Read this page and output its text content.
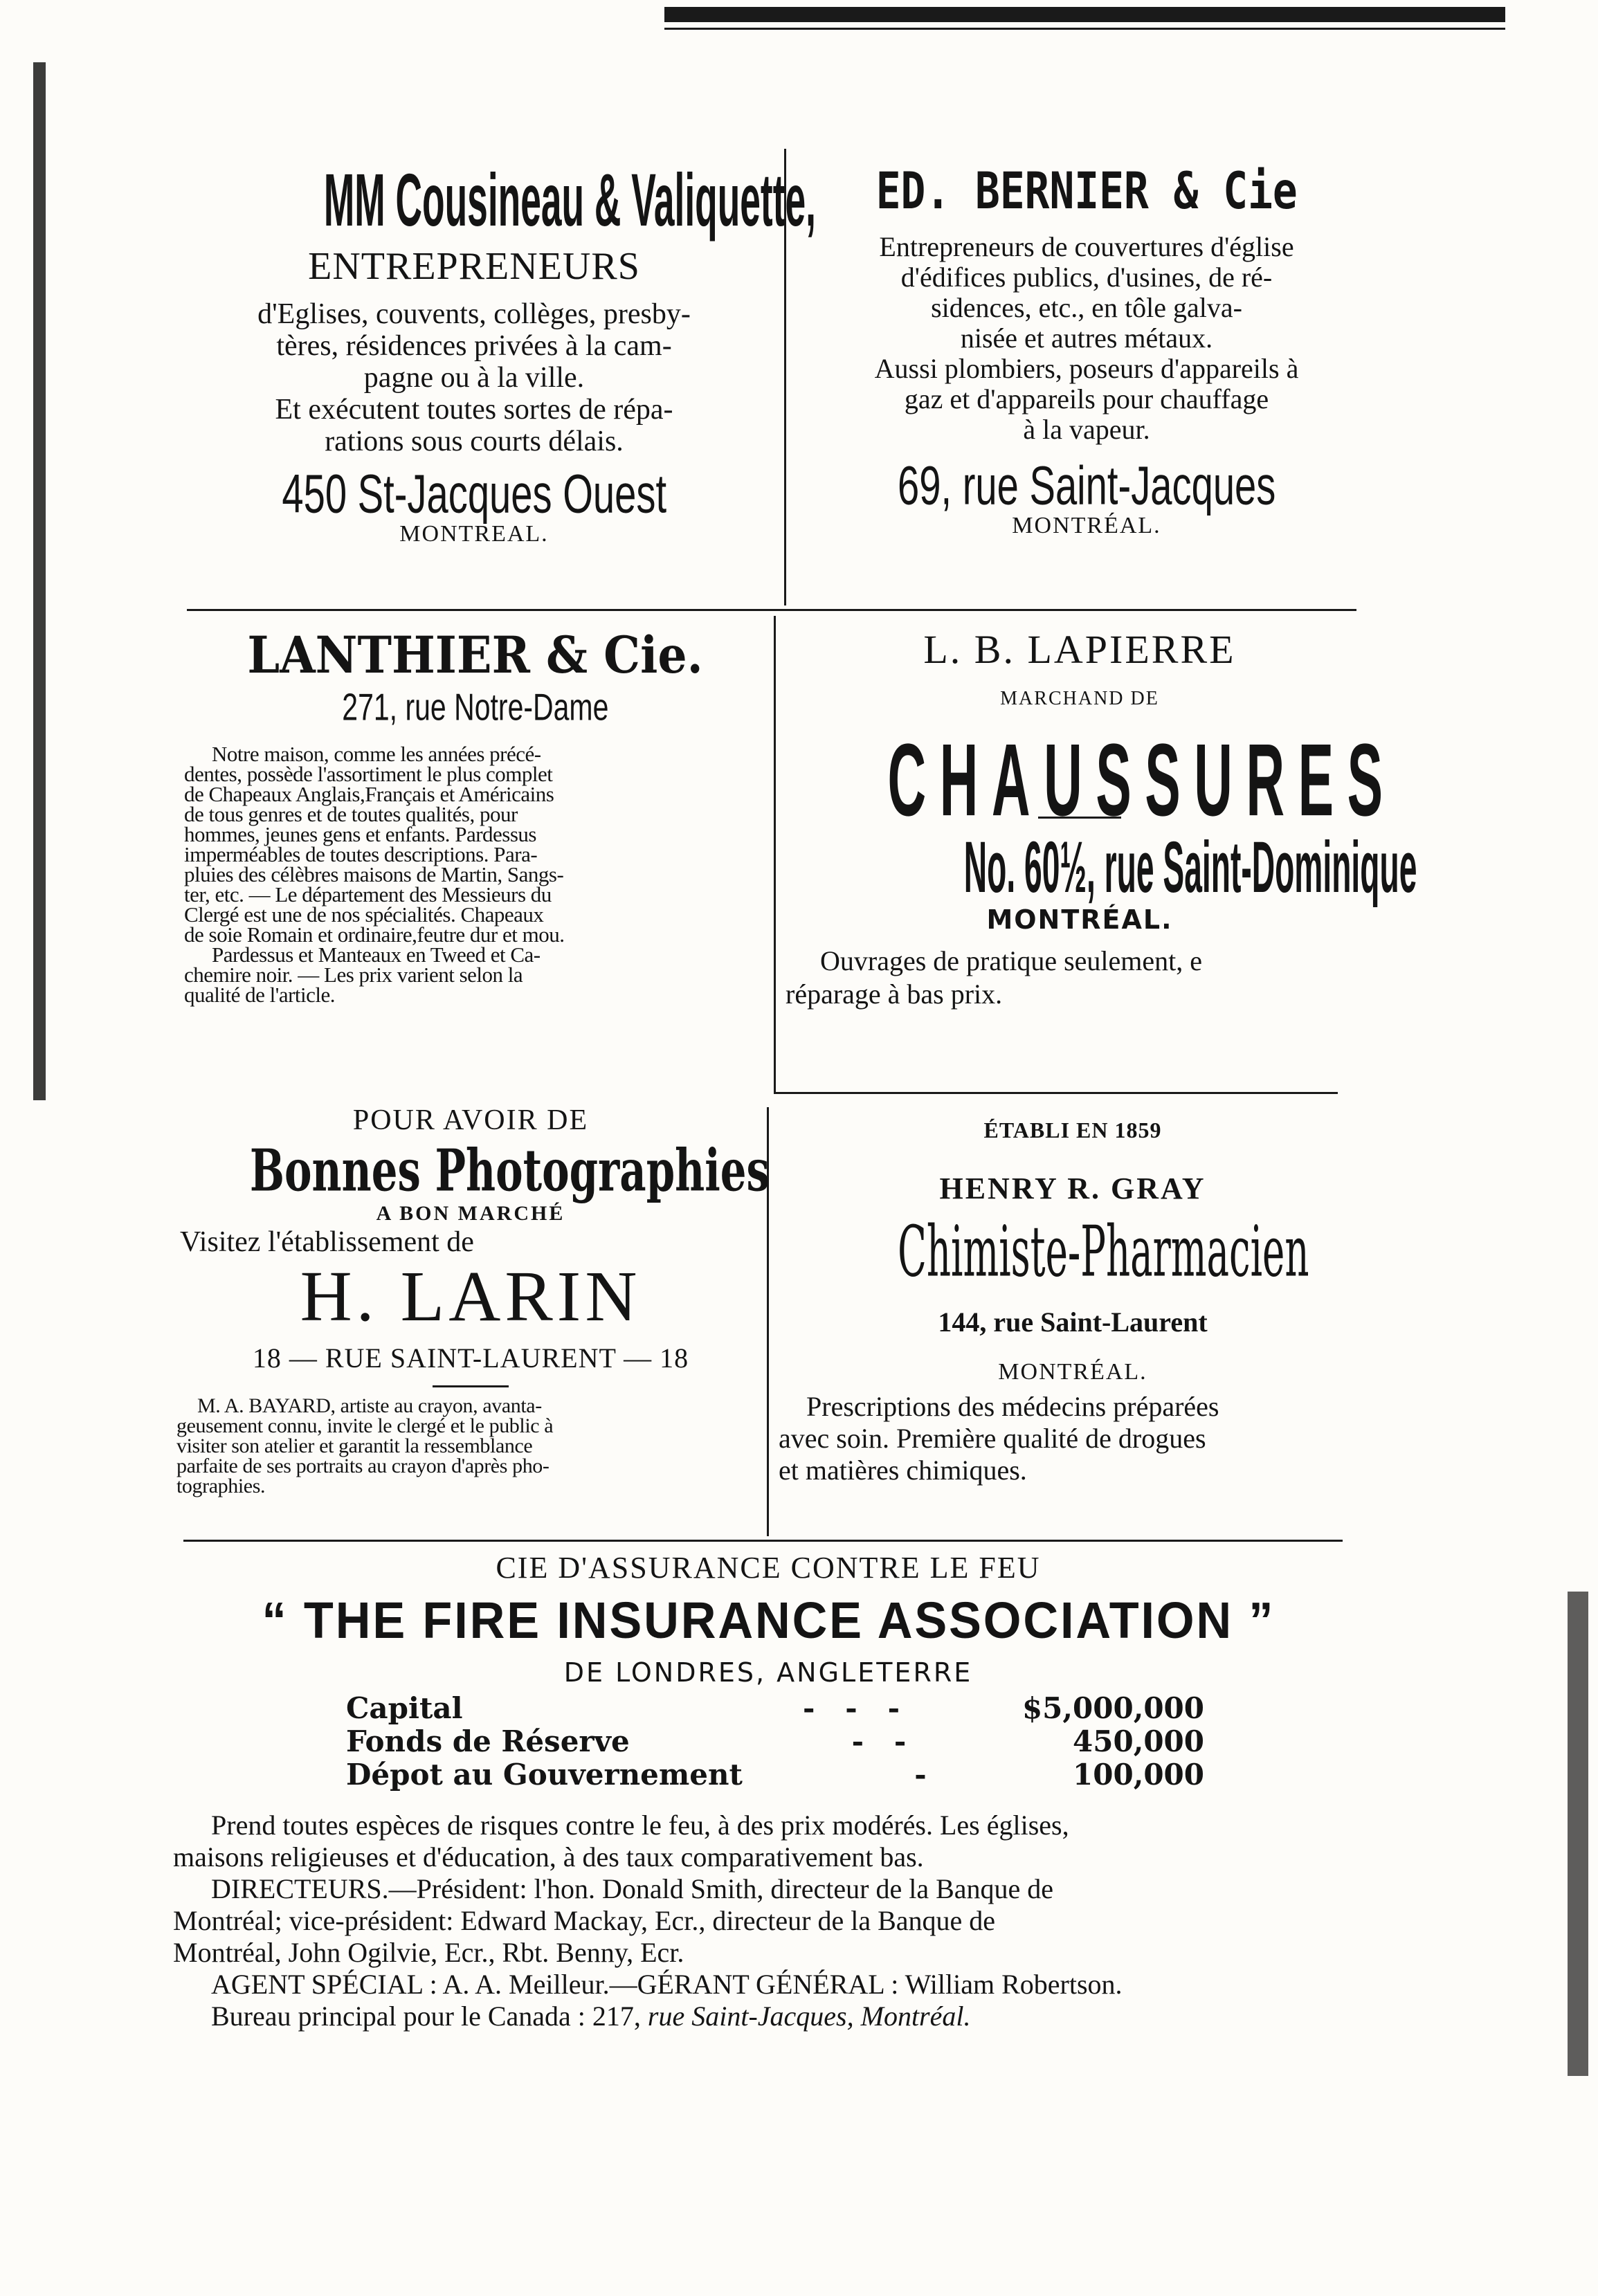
MM Cousineau & Valiquette,
ENTREPRENEURS
d'Eglises, couvents, collèges, presby-
tères, résidences privées à la cam-
pagne ou à la ville.
Et exécutent toutes sortes de répa-
rations sous courts délais.
450 St-Jacques Ouest
MONTREAL.
ED. BERNIER & Cie
Entrepreneurs de couvertures d'église
d'édifices publics, d'usines, de ré-
sidences, etc., en tôle galva-
nisée et autres métaux.
Aussi plombiers, poseurs d'appareils à
gaz et d'appareils pour chauffage
à la vapeur.
69, rue Saint-Jacques
MONTRÉAL.
LANTHIER & Cie.
271, rue Notre-Dame
Notre maison, comme les années précé-
dentes, possède l'assortiment le plus complet
de Chapeaux Anglais,Français et Américains
de tous genres et de toutes qualités, pour
hommes, jeunes gens et enfants. Pardessus
imperméables de toutes descriptions. Para-
pluies des célèbres maisons de Martin, Sangs-
ter, etc. — Le département des Messieurs du
Clergé est une de nos spécialités. Chapeaux
de soie Romain et ordinaire,feutre dur et mou.
Pardessus et Manteaux en Tweed et Ca-
chemire noir. — Les prix varient selon la
qualité de l'article.
L. B. LAPIERRE
MARCHAND DE
CHAUSSURES
No. 60½, rue Saint-Dominique
MONTRÉAL.
Ouvrages de pratique seulement, e
réparage à bas prix.
POUR AVOIR DE
Bonnes Photographies
A BON MARCHÉ
Visitez l'établissement de
H. LARIN
18 — RUE SAINT-LAURENT — 18
M. A. BAYARD, artiste au crayon, avanta-
geusement connu, invite le clergé et le public à
visiter son atelier et garantit la ressemblance
parfaite de ses portraits au crayon d'après pho-
tographies.
ÉTABLI EN 1859
HENRY R. GRAY
Chimiste-Pharmacien
144, rue Saint-Laurent
MONTRÉAL.
Prescriptions des médecins préparées
avec soin. Première qualité de drogues
et matières chimiques.
CIE D'ASSURANCE CONTRE LE FEU
“ THE FIRE INSURANCE ASSOCIATION ”
DE LONDRES, ANGLETERRE
Capital	-   -   -	$5,000,000
Fonds de Réserve	-   -	450,000
Dépot au Gouvernement	-	100,000
Prend toutes espèces de risques contre le feu, à des prix modérés. Les églises,
maisons religieuses et d'éducation, à des taux comparativement bas.
DIRECTEURS.—Président: l'hon. Donald Smith, directeur de la Banque de
Montréal; vice-président: Edward Mackay, Ecr., directeur de la Banque de
Montréal, John Ogilvie, Ecr., Rbt. Benny, Ecr.
AGENT SPÉCIAL : A. A. Meilleur.—GÉRANT GÉNÉRAL : William Robertson.
Bureau principal pour le Canada : 217, rue Saint-Jacques, Montréal.
